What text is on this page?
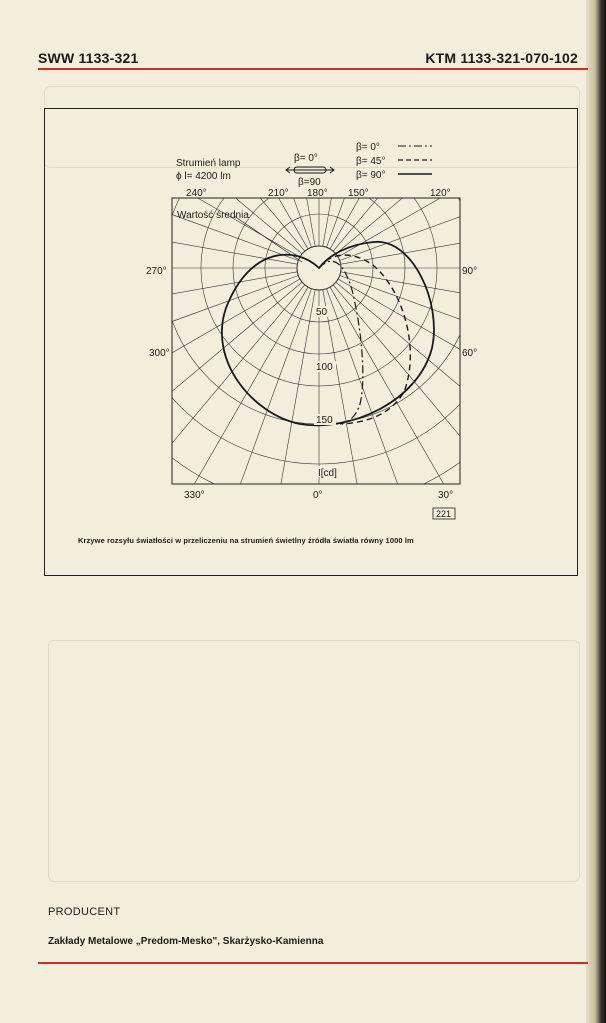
SWW 1133-321	KTM 1133-321-070-102
240°	210° 180° 150°	120°
270°	90°
300°	60°
330°	0°	30°
50
100
150
I[cd]
Strumień lamp
ϕ l= 4200 lm
β= 0°
β=90
Wartość średnia
β= 0°
β= 45°
β= 90°
221
Krzywe rozsyłu światłości w przeliczeniu na strumień świetlny źródła światła równy 1000 lm
PRODUCENT
Zakłady Metalowe „Predom-Mesko", Skarżysko-Kamienna
